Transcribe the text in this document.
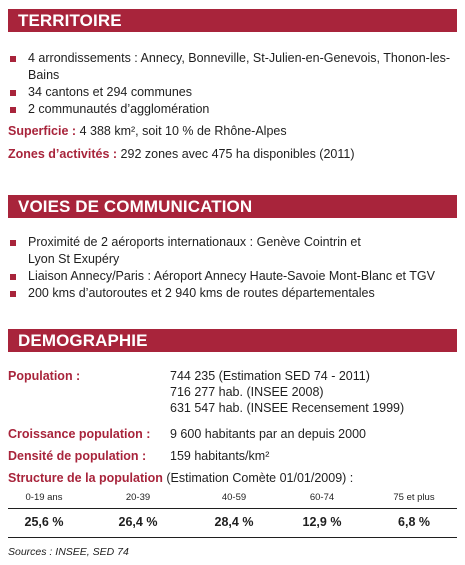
TERRITOIRE
4 arrondissements : Annecy, Bonneville, St-Julien-en-Genevois, Thonon-les-Bains
34 cantons et 294 communes
2 communautés d’agglomération
Superficie : 4 388 km², soit 10 % de Rhône-Alpes
Zones d’activités : 292 zones avec 475 ha disponibles (2011)
VOIES DE COMMUNICATION
Proximité de 2 aéroports internationaux : Genève Cointrin et Lyon St Exupéry
Liaison Annecy/Paris : Aéroport Annecy Haute-Savoie Mont-Blanc et TGV
200 kms d’autoroutes et 2 940 kms de routes départementales
DEMOGRAPHIE
Population :	744 235 (Estimation SED 74 - 2011)
716 277 hab. (INSEE 2008)
631 547 hab. (INSEE Recensement 1999)
Croissance population : 9 600 habitants par an depuis 2000
Densité de population : 159 habitants/km²
Structure de la population (Estimation Comète 01/01/2009) :
0-19 ans	20-39	40-59	60-74	75 et plus
25,6 %	26,4 %	28,4 %	12,9 %	6,8 %
Sources : INSEE, SED 74
